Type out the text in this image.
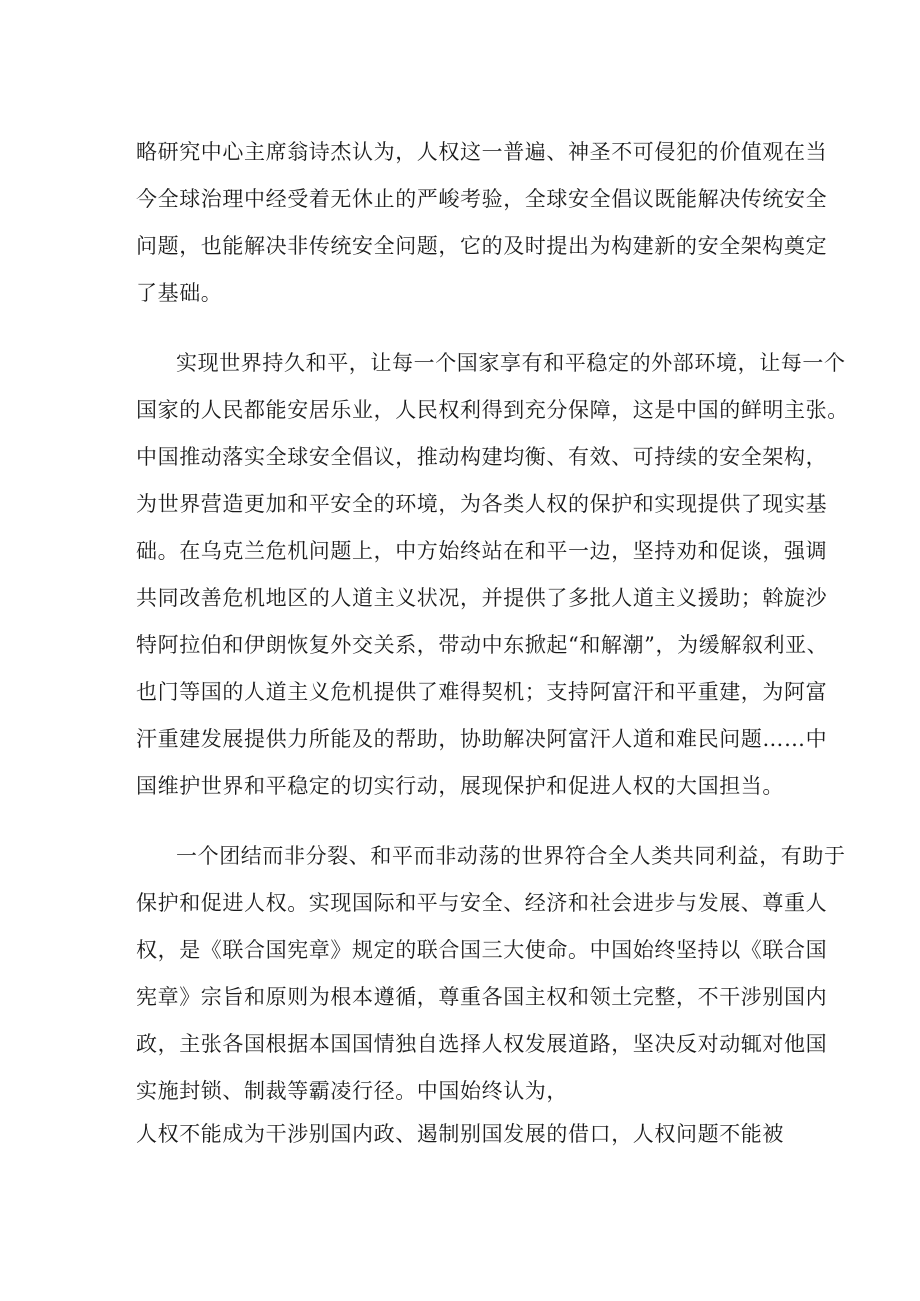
略研究中心主席翁诗杰认为，人权这一普遍、神圣不可侵犯的价值观在当
今全球治理中经受着无休止的严峻考验，全球安全倡议既能解决传统安全
问题，也能解决非传统安全问题，它的及时提出为构建新的安全架构奠定
了基础。
实现世界持久和平，让每一个国家享有和平稳定的外部环境，让每一个
国家的人民都能安居乐业，人民权利得到充分保障，这是中国的鲜明主张。
中国推动落实全球安全倡议，推动构建均衡、有效、可持续的安全架构，
为世界营造更加和平安全的环境，为各类人权的保护和实现提供了现实基
础。在乌克兰危机问题上，中方始终站在和平一边，坚持劝和促谈，强调
共同改善危机地区的人道主义状况，并提供了多批人道主义援助；斡旋沙
特阿拉伯和伊朗恢复外交关系，带动中东掀起“和解潮”，为缓解叙利亚、
也门等国的人道主义危机提供了难得契机；支持阿富汗和平重建，为阿富
汗重建发展提供力所能及的帮助，协助解决阿富汗人道和难民问题……中
国维护世界和平稳定的切实行动，展现保护和促进人权的大国担当。
一个团结而非分裂、和平而非动荡的世界符合全人类共同利益，有助于
保护和促进人权。实现国际和平与安全、经济和社会进步与发展、尊重人
权，是《联合国宪章》规定的联合国三大使命。中国始终坚持以《联合国
宪章》宗旨和原则为根本遵循，尊重各国主权和领土完整，不干涉别国内
政，主张各国根据本国国情独自选择人权发展道路，坚决反对动辄对他国
实施封锁、制裁等霸凌行径。中国始终认为，
人权不能成为干涉别国内政、遏制别国发展的借口，人权问题不能被
